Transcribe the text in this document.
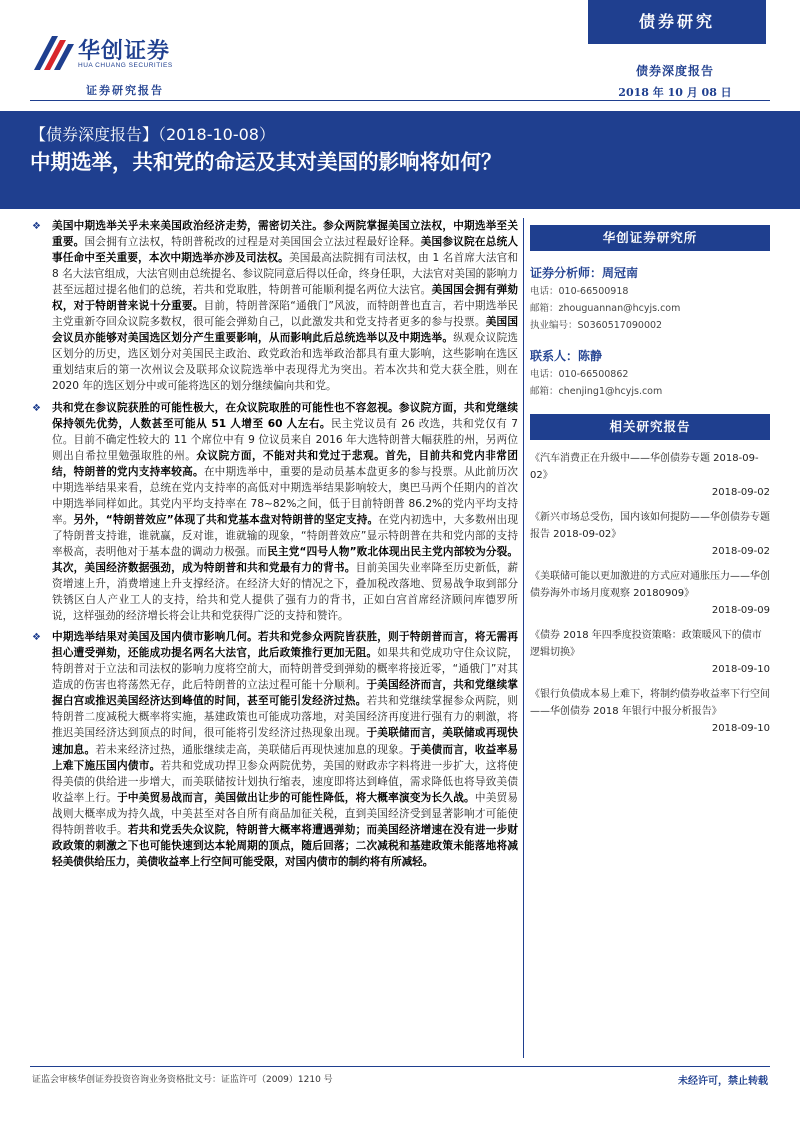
华创证券
HUA CHUANG SECURITIES
证券研究报告
债券研究
债券深度报告
2018 年 10 月 08 日
【债券深度报告】（2018-10-08）
中期选举，共和党的命运及其对美国的影响将如何？
❖ 美国中期选举关乎未来美国政治经济走势，需密切关注。参众两院掌握美国立法权，中期选举至关重要。国会拥有立法权，特朗普税改的过程是对美国国会立法过程最好诠释。美国参议院在总统人事任命中至关重要，本次中期选举亦涉及司法权。美国最高法院拥有司法权，由 1 名首席大法官和 8 名大法官组成，大法官则由总统提名、参议院同意后得以任命，终身任职，大法官对美国的影响力甚至远超过提名他们的总统，若共和党取胜，特朗普可能顺利提名两位大法官。美国国会拥有弹劾权，对于特朗普来说十分重要。目前，特朗普深陷“通俄门”风波，而特朗普也直言，若中期选举民主党重新夺回众议院多数权，很可能会弹劾自己，以此激发共和党支持者更多的参与投票。美国国会议员亦能够对美国选区划分产生重要影响，从而影响此后总统选举以及中期选举。纵观众议院选区划分的历史，选区划分对美国民主政治、政党政治和选举政治都具有重大影响，这些影响在选区重划结束后的第一次州议会及联邦众议院选举中表现得尤为突出。若本次共和党大获全胜，则在 2020 年的选区划分中或可能将选区的划分继续偏向共和党。
❖ 共和党在参议院获胜的可能性极大，在众议院取胜的可能性也不容忽视。参议院方面，共和党继续保持领先优势，人数甚至可能从 51 人增至 60 人左右。民主党议员有 26 改选，共和党仅有 7 位。目前不确定性较大的 11 个席位中有 9 位议员来自 2016 年大选特朗普大幅获胜的州，另两位则出自希拉里勉强取胜的州。众议院方面，不能对共和党过于悲观。首先，目前共和党内非常团结，特朗普的党内支持率较高。在中期选举中，重要的是动员基本盘更多的参与投票。从此前历次中期选举结果来看，总统在党内支持率的高低对中期选举结果影响较大，奥巴马两个任期内的首次中期选举同样如此。其党内平均支持率在 78~82%之间，低于目前特朗普 86.2%的党内平均支持率。另外，“特朗普效应”体现了共和党基本盘对特朗普的坚定支持。在党内初选中，大多数州出现了特朗普支持谁，谁就赢，反对谁，谁就输的现象，“特朗普效应”显示特朗普在共和党内部的支持率极高，表明他对于基本盘的调动力极强。而民主党“四号人物”败北体现出民主党内部较为分裂。其次，美国经济数据强劲，成为特朗普和共和党最有力的背书。目前美国失业率降至历史新低，薪资增速上升，消费增速上升支撑经济。在经济大好的情况之下，叠加税改落地、贸易战争取到部分铁锈区白人产业工人的支持，给共和党人提供了强有力的背书，正如白宫首席经济顾问库德罗所说，这样强劲的经济增长将会让共和党获得广泛的支持和赞许。
❖ 中期选举结果对美国及国内债市影响几何。若共和党参众两院皆获胜，则于特朗普而言，将无需再担心遭受弹劾，还能成功提名两名大法官，此后政策推行更加无阻。如果共和党成功守住众议院，特朗普对于立法和司法权的影响力度将空前大，而特朗普受到弹劾的概率将接近零，“通俄门”对其造成的伤害也将荡然无存，此后特朗普的立法过程可能十分顺利。于美国经济而言，共和党继续掌握白宫或推迟美国经济达到峰值的时间，甚至可能引发经济过热。若共和党继续掌握参众两院，则特朗普二度减税大概率将实施，基建政策也可能成功落地，对美国经济再度进行强有力的刺激，将推迟美国经济达到顶点的时间，很可能将引发经济过热现象出现。于美联储而言，美联储或再现快速加息。若未来经济过热，通胀继续走高，美联储后再现快速加息的现象。于美债而言，收益率易上难下施压国内债市。若共和党成功捍卫参众两院优势，美国的财政赤字料将进一步扩大，这将使得美债的供给进一步增大，而美联储按计划执行缩表，速度即将达到峰值，需求降低也将导致美债收益率上行。于中美贸易战而言，美国做出让步的可能性降低，将大概率演变为长久战。中美贸易战则大概率成为持久战，中美甚至对各自所有商品加征关税，直到美国经济受到显著影响才可能使得特朗普收手。若共和党丢失众议院，特朗普大概率将遭遇弹劾；而美国经济增速在没有进一步财政政策的刺激之下也可能快速到达本轮周期的顶点，随后回落；二次减税和基建政策未能落地将减轻美债供给压力，美债收益率上行空间可能受限，对国内债市的制约将有所减轻。
华创证券研究所
证券分析师：周冠南
电话：010-66500918
邮箱：zhouguannan@hcyjs.com
执业编号：S0360517090002
联系人：陈静
电话：010-66500862
邮箱：chenjing1@hcyjs.com
相关研究报告
《汽车消费正在升级中——华创债券专题 2018-09-02》
2018-09-02
《新兴市场总受伤，国内该如何提防——华创债券专题报告 2018-09-02》
2018-09-02
《美联储可能以更加激进的方式应对通胀压力——华创债券海外市场月度观察 20180909》
2018-09-09
《债券 2018 年四季度投资策略：政策暖风下的债市逻辑切换》
2018-09-10
《银行负债成本易上难下，将制约债券收益率下行空间——华创债券 2018 年银行中报分析报告》
2018-09-10
证监会审核华创证券投资咨询业务资格批文号：证监许可（2009）1210 号	未经许可，禁止转载
